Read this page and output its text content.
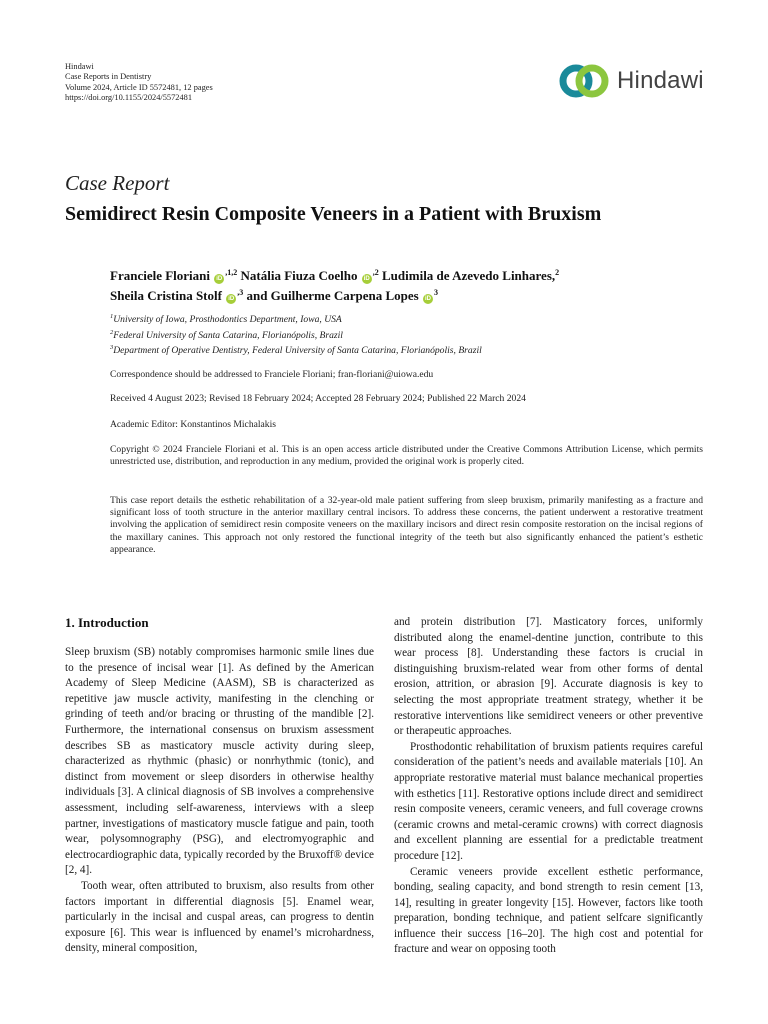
Hindawi
Case Reports in Dentistry
Volume 2024, Article ID 5572481, 12 pages
https://doi.org/10.1155/2024/5572481
Hindawi
Case Report
Semidirect Resin Composite Veneers in a Patient with Bruxism
Franciele Floriani $iD^{,1,2}$ Natália Fiuza Coelho $iD^{,2}$ Ludimila de Azevedo Linhares,$^2$
Sheila Cristina Stolf $iD^{,3}$ and Guilherme Carpena Lopes $iD^3$
$^1$University of Iowa, Prosthodontics Department, Iowa, USA
$^2$Federal University of Santa Catarina, Florianópolis, Brazil
$^3$Department of Operative Dentistry, Federal University of Santa Catarina, Florianópolis, Brazil
Correspondence should be addressed to Franciele Floriani; fran-floriani@uiowa.edu
Received 4 August 2023; Revised 18 February 2024; Accepted 28 February 2024; Published 22 March 2024
Academic Editor: Konstantinos Michalakis
Copyright © 2024 Franciele Floriani et al. This is an open access article distributed under the Creative Commons Attribution License, which permits unrestricted use, distribution, and reproduction in any medium, provided the original work is properly cited.
This case report details the esthetic rehabilitation of a 32-year-old male patient suffering from sleep bruxism, primarily manifesting as a fracture and significant loss of tooth structure in the anterior maxillary central incisors. To address these concerns, the patient underwent a restorative treatment involving the application of semidirect resin composite veneers on the maxillary incisors and direct resin composite restoration on the incisal regions of the maxillary canines. This approach not only restored the functional integrity of the teeth but also significantly enhanced the patient’s esthetic appearance.
1. Introduction

Sleep bruxism (SB) notably compromises harmonic smile lines due to the presence of incisal wear [1]. As defined by the American Academy of Sleep Medicine (AASM), SB is characterized as repetitive jaw muscle activity, manifesting in the clenching or grinding of teeth and/or bracing or thrusting of the mandible [2]. Furthermore, the international consensus on bruxism assessment describes SB as masticatory muscle activity during sleep, characterized as rhythmic (phasic) or nonrhythmic (tonic), and distinct from movement or sleep disorders in otherwise healthy individuals [3]. A clinical diagnosis of SB involves a comprehensive assessment, including self-awareness, interviews with a sleep partner, investigations of masticatory muscle fatigue and pain, tooth wear, polysomnography (PSG), and electromyographic and electrocardiographic data, typically recorded by the Bruxoff® device [2, 4].

Tooth wear, often attributed to bruxism, also results from other factors important in differential diagnosis [5]. Enamel wear, particularly in the incisal and cuspal areas, can progress to dentin exposure [6]. This wear is influenced by enamel’s microhardness, density, mineral composition,

and protein distribution [7]. Masticatory forces, uniformly distributed along the enamel-dentine junction, contribute to this wear process [8]. Understanding these factors is crucial in distinguishing bruxism-related wear from other forms of dental erosion, attrition, or abrasion [9]. Accurate diagnosis is key to selecting the most appropriate treatment strategy, whether it be restorative interventions like semidirect veneers or other preventive or therapeutic approaches.

Prosthodontic rehabilitation of bruxism patients requires careful consideration of the patient’s needs and available materials [10]. An appropriate restorative material must balance mechanical properties with esthetics [11]. Restorative options include direct and semidirect resin composite veneers, ceramic veneers, and full coverage crowns (ceramic crowns and metal-ceramic crowns) with correct diagnosis and excellent planning are essential for a predictable treatment procedure [12].

Ceramic veneers provide excellent esthetic performance, bonding, sealing capacity, and bond strength to resin cement [13, 14], resulting in greater longevity [15]. However, factors like tooth preparation, bonding technique, and patient selfcare significantly influence their success [16–20]. The high cost and potential for fracture and wear on opposing tooth
